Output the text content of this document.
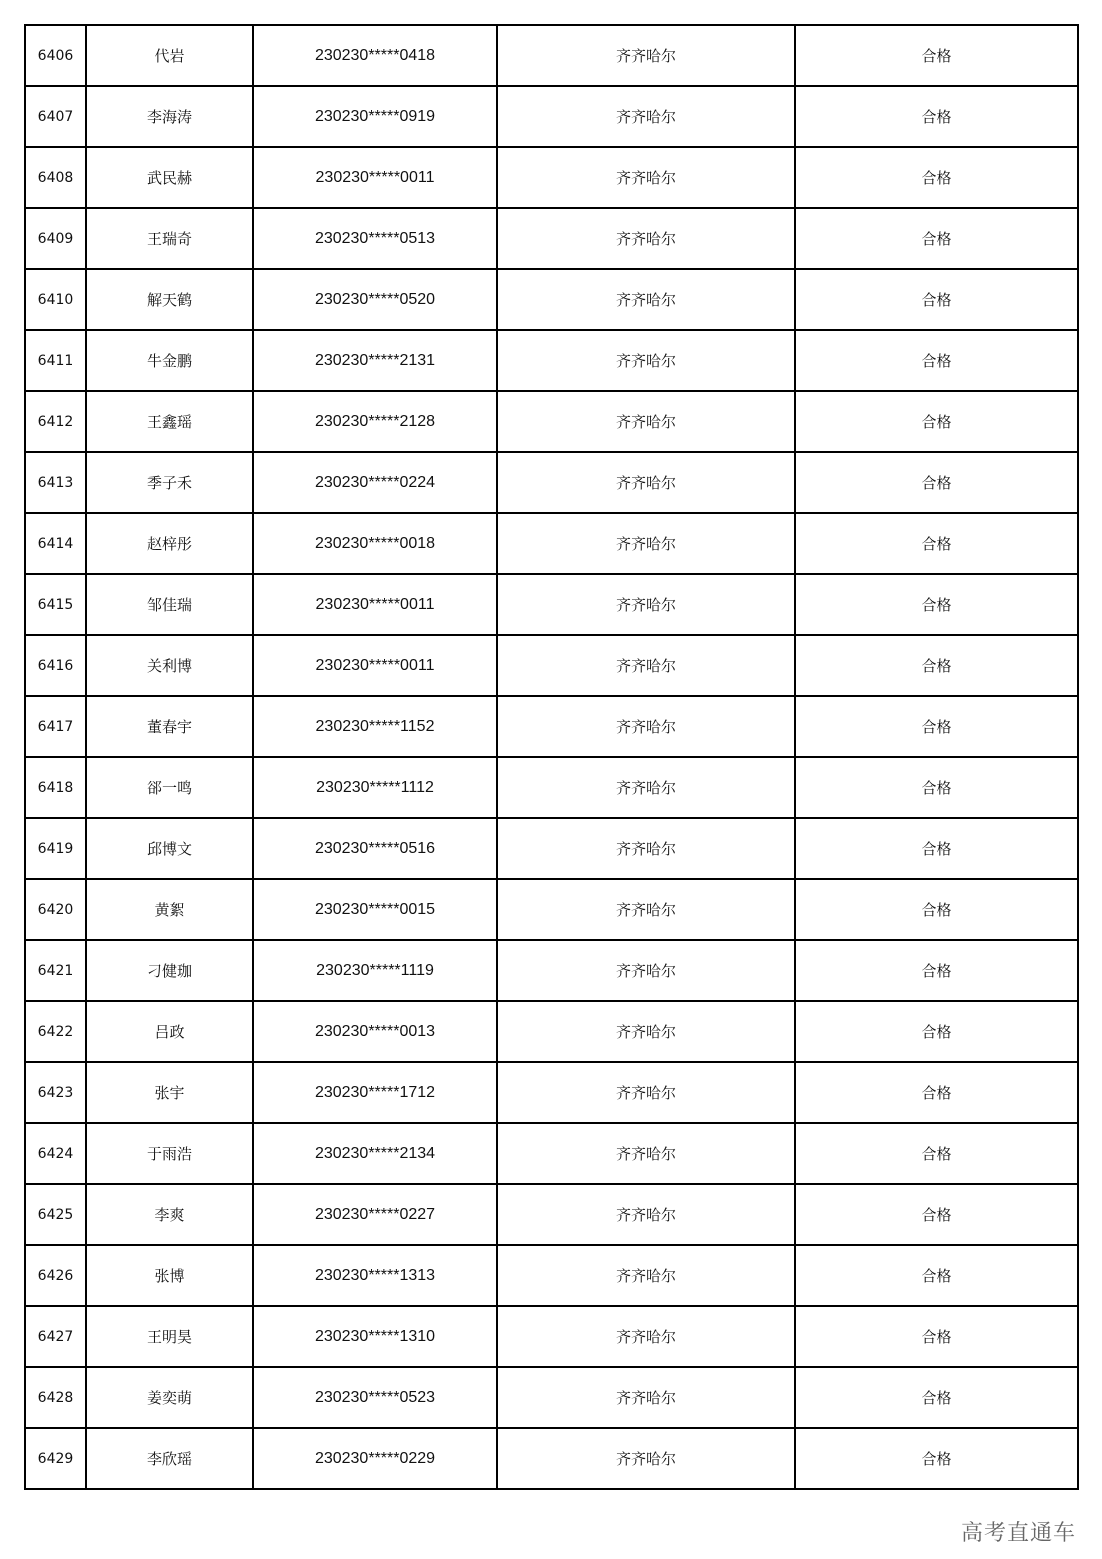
6406	代岩	230230*****0418	齐齐哈尔	合格
6407	李海涛	230230*****0919	齐齐哈尔	合格
6408	武民赫	230230*****0011	齐齐哈尔	合格
6409	王瑞奇	230230*****0513	齐齐哈尔	合格
6410	解天鹤	230230*****0520	齐齐哈尔	合格
6411	牛金鹏	230230*****2131	齐齐哈尔	合格
6412	王鑫瑶	230230*****2128	齐齐哈尔	合格
6413	季子禾	230230*****0224	齐齐哈尔	合格
6414	赵梓彤	230230*****0018	齐齐哈尔	合格
6415	邹佳瑞	230230*****0011	齐齐哈尔	合格
6416	关利博	230230*****0011	齐齐哈尔	合格
6417	董春宇	230230*****1152	齐齐哈尔	合格
6418	郤一鸣	230230*****1112	齐齐哈尔	合格
6419	邱博文	230230*****0516	齐齐哈尔	合格
6420	黄絮	230230*****0015	齐齐哈尔	合格
6421	刁健珈	230230*****1119	齐齐哈尔	合格
6422	吕政	230230*****0013	齐齐哈尔	合格
6423	张宇	230230*****1712	齐齐哈尔	合格
6424	于雨浩	230230*****2134	齐齐哈尔	合格
6425	李爽	230230*****0227	齐齐哈尔	合格
6426	张博	230230*****1313	齐齐哈尔	合格
6427	王明昊	230230*****1310	齐齐哈尔	合格
6428	姜奕萌	230230*****0523	齐齐哈尔	合格
6429	李欣瑶	230230*****0229	齐齐哈尔	合格
高考直通车
